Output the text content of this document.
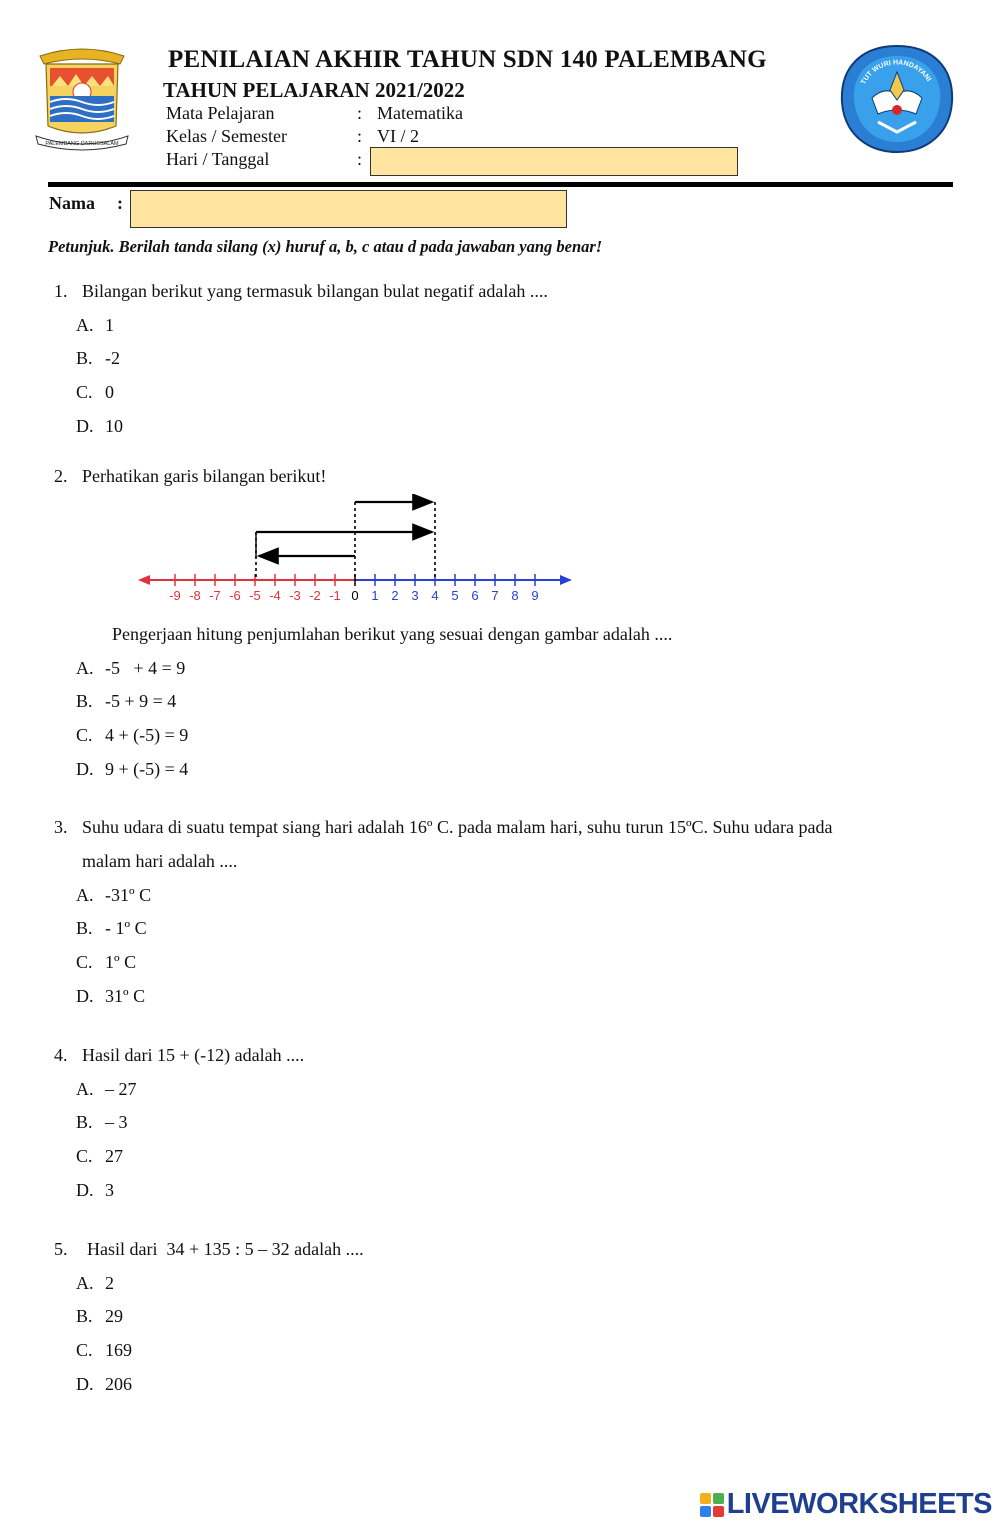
PALEMBANG DARUSSALAM
TUT WURI HANDAYANI
PENILAIAN AKHIR TAHUN SDN 140 PALEMBANG
TAHUN PELAJARAN 2021/2022
Mata Pelajaran	: Matematika
Kelas / Semester	: VI / 2
Hari / Tanggal	:
Nama :
Petunjuk. Berilah tanda silang (x) huruf a, b, c atau d pada jawaban yang benar!
1. Bilangan berikut yang termasuk bilangan bulat negatif adalah ....
A. 1
B. -2
C. 0
D. 10
2. Perhatikan garis bilangan berikut!
-9 -8 -7 -6 -5 -4 -3 -2 -1 0 1 2 3 4 5 6 7 8 9
Pengerjaan hitung penjumlahan berikut yang sesuai dengan gambar adalah ....
A. -5   + 4 = 9
B. -5 + 9 = 4
C. 4 + (-5) = 9
D. 9 + (-5) = 4
3. Suhu udara di suatu tempat siang hari adalah 16º C. pada malam hari, suhu turun 15ºC. Suhu udara pada
malam hari adalah ....
A. -31º C
B. - 1º C
C. 1º C
D. 31º C
4. Hasil dari 15 + (-12) adalah ....
A. – 27
B. – 3
C. 27
D. 3
5. Hasil dari  34 + 135 : 5 – 32 adalah ....
A. 2
B. 29
C. 169
D. 206
LIVEWORKSHEETS
